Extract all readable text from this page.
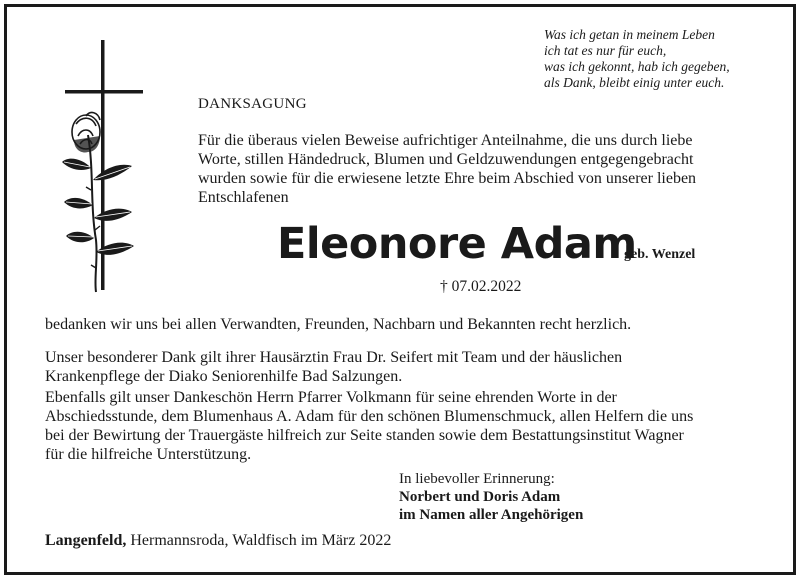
Was ich getan in meinem Leben
ich tat es nur für euch,
was ich gekonnt, hab ich gegeben,
als Dank, bleibt einig unter euch.
DANKSAGUNG
Für die überaus vielen Beweise aufrichtiger Anteilnahme, die uns durch liebe
Worte, stillen Händedruck, Blumen und Geldzuwendungen entgegengebracht
wurden sowie für die erwiesene letzte Ehre beim Abschied von unserer lieben
Entschlafenen
Eleonore Adam
geb. Wenzel
† 07.02.2022
bedanken wir uns bei allen Verwandten, Freunden, Nachbarn und Bekannten recht herzlich.
Unser besonderer Dank gilt ihrer Hausärztin Frau Dr. Seifert mit Team und der häuslichen
Krankenpflege der Diako Seniorenhilfe Bad Salzungen.
Ebenfalls gilt unser Dankeschön Herrn Pfarrer Volkmann für seine ehrenden Worte in der
Abschiedsstunde, dem Blumenhaus A. Adam für den schönen Blumenschmuck, allen Helfern die uns
bei der Bewirtung der Trauergäste hilfreich zur Seite standen sowie dem Bestattungsinstitut Wagner
für die hilfreiche Unterstützung.
In liebevoller Erinnerung:
Norbert und Doris Adam
im Namen aller Angehörigen
Langenfeld, Hermannsroda, Waldfisch im März 2022
